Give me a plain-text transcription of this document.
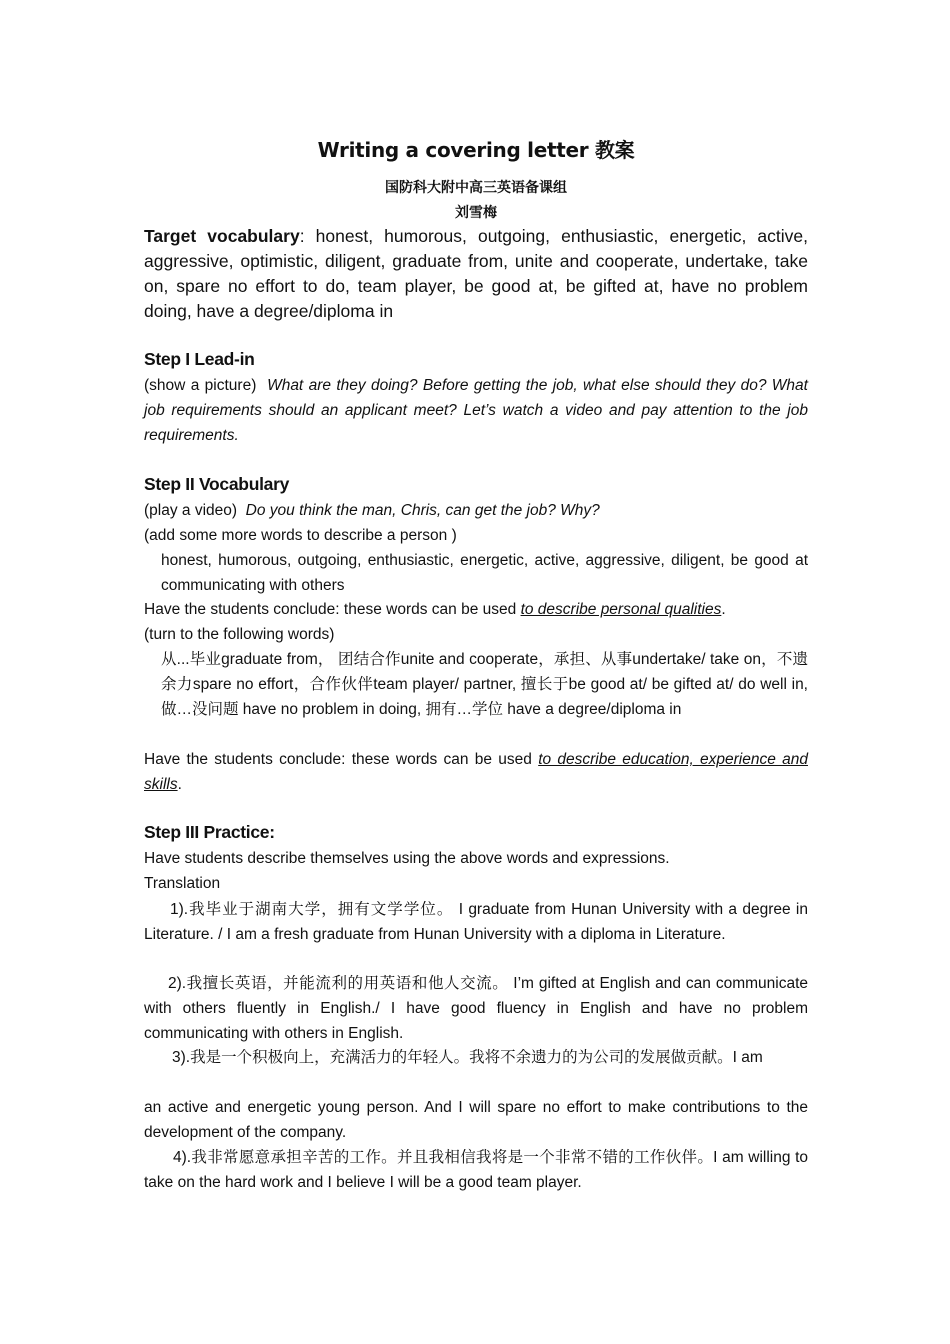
Writing a covering letter 教案
国防科大附中高三英语备课组
刘雪梅
Target vocabulary: honest, humorous, outgoing, enthusiastic, energetic, active, aggressive, optimistic, diligent, graduate from, unite and cooperate, undertake, take on, spare no effort to do, team player, be good at, be gifted at, have no problem doing, have a degree/diploma in
Step I Lead-in
(show a picture) What are they doing? Before getting the job, what else should they do? What job requirements should an applicant meet? Let’s watch a video and pay attention to the job requirements.
Step II Vocabulary
(play a video) Do you think the man, Chris, can get the job? Why?
(add some more words to describe a person )
honest, humorous, outgoing, enthusiastic, energetic, active, aggressive, diligent, be good at communicating with others
Have the students conclude: these words can be used to describe personal qualities.
(turn to the following words)
从...毕业graduate from， 团结合作unite and cooperate，承担、从事undertake/ take on，不遗余力spare no effort，合作伙伴team player/ partner, 擅长于be good at/ be gifted at/ do well in, 做…没问题 have no problem in doing, 拥有…学位 have a degree/diploma in
Have the students conclude: these words can be used to describe education, experience and skills.
Step III Practice:
Have students describe themselves using the above words and expressions.
Translation
1).我毕业于湖南大学，拥有文学学位。 I graduate from Hunan University with a degree in Literature. / I am a fresh graduate from Hunan University with a diploma in Literature.
2).我擅长英语，并能流利的用英语和他人交流。 I’m gifted at English and can communicate with others fluently in English./ I have good fluency in English and have no problem communicating with others in English.
3).我是一个积极向上，充满活力的年轻人。我将不余遗力的为公司的发展做贡献。I am
an active and energetic young person. And I will spare no effort to make contributions to the development of the company.
4).我非常愿意承担辛苦的工作。并且我相信我将是一个非常不错的工作伙伴。I am willing to take on the hard work and I believe I will be a good team player.
